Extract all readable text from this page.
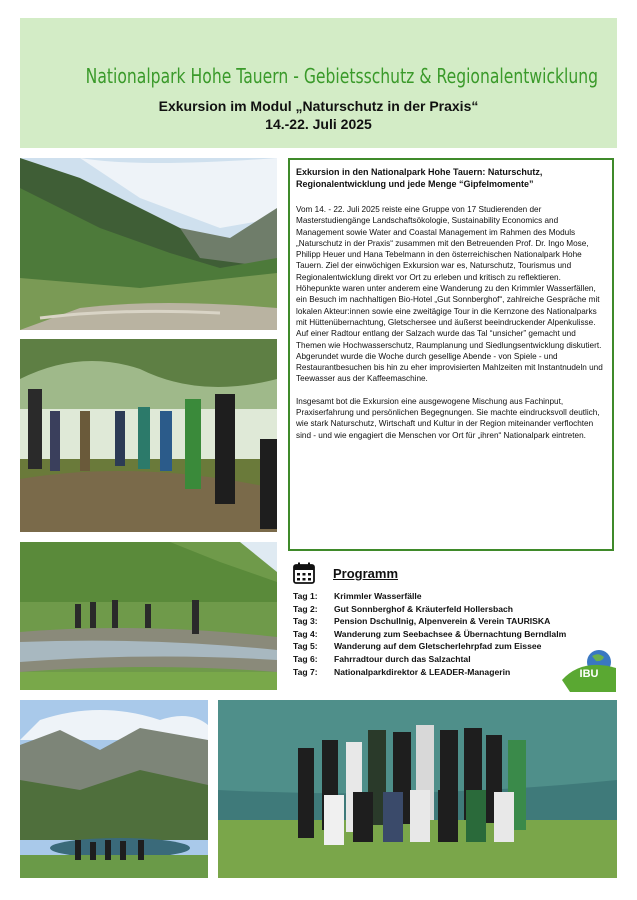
Nationalpark Hohe Tauern - Gebietsschutz & Regionalentwicklung
Exkursion im Modul „Naturschutz in der Praxis“
14.-22. Juli 2025
Exkursion in den Nationalpark Hohe Tauern: Naturschutz, Regionalentwicklung und jede Menge “Gipfelmomente”

Vom 14. - 22. Juli 2025 reiste eine Gruppe von 17 Studierenden der Masterstudiengänge Landschaftsökologie, Sustainability Economics and Management sowie Water and Coastal Management im Rahmen des Moduls „Naturschutz in der Praxis“ zusammen mit den Betreuenden Prof. Dr. Ingo Mose, Philipp Heuer und Hana Tebelmann in den österreichischen Nationalpark Hohe Tauern. Ziel der einwöchigen Exkursion war es, Naturschutz, Tourismus und Regionalentwicklung direkt vor Ort zu erleben und kritisch zu reflektieren.

Höhepunkte waren unter anderem eine Wanderung zu den Krimmler Wasserfällen, ein Besuch im nachhaltigen Bio-Hotel „Gut Sonnberghof“, zahlreiche Gespräche mit lokalen Akteur:innen sowie eine zweitägige Tour in die Kernzone des Nationalparks mit Hüttenübernachtung, Gletschersee und äußerst beeindruckender Alpenkulisse. Auf einer Radtour entlang der Salzach wurde das Tal “unsicher” gemacht und Themen wie Hochwasserschutz, Raumplanung und Siedlungsentwicklung diskutiert. Abgerundet wurde die Woche durch gesellige Abende - von Spiele - und Restaurantbesuchen bis hin zu eher improvisierten Mahlzeiten mit Instantnudeln und Teewasser aus der Kaffeemaschine.

Insgesamt bot die Exkursion eine ausgewogene Mischung aus Fachinput, Praxiserfahrung und persönlichen Begegnungen. Sie machte eindrucksvoll deutlich, wie stark Naturschutz, Wirtschaft und Kultur in der Region miteinander verflochten sind - und wie engagiert die Menschen vor Ort für „ihren“ Nationalpark eintreten.

Programm
Tag 1: Krimmler Wasserfälle
Tag 2: Gut Sonnberghof & Kräuterfeld Hollersbach
Tag 3: Pension Dschullnig, Alpenverein & Verein TAURISKA
Tag 4: Wanderung zum Seebachsee & Übernachtung Berndlalm
Tag 5: Wanderung auf dem Gletscherlehrpfad zum Eissee
Tag 6: Fahrradtour durch das Salzachtal
Tag 7: Nationalparkdirektor & LEADER-Managerin	IBU
